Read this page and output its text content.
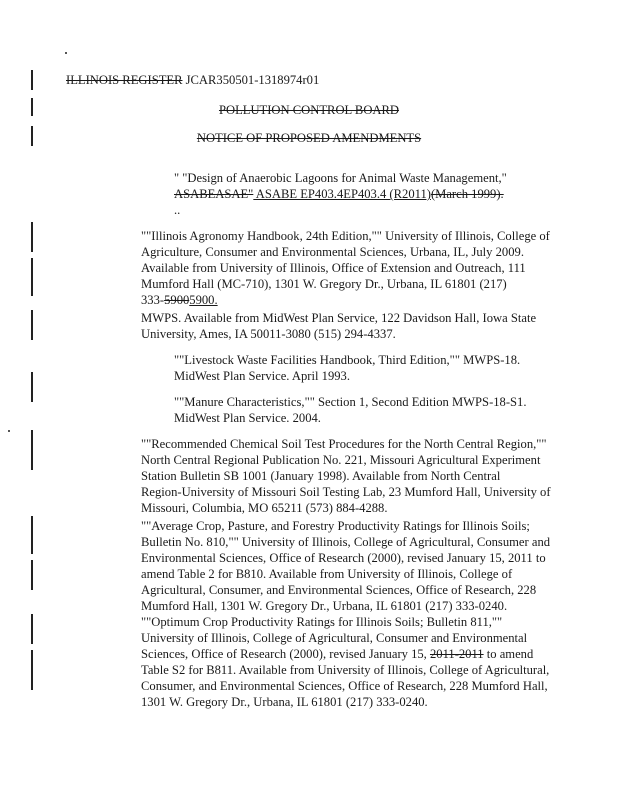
ILLINOIS REGISTER JCAR350501-1318974r01
POLLUTION CONTROL BOARD
NOTICE OF PROPOSED AMENDMENTS
" "Design of Anaerobic Lagoons for Animal Waste Management,"
ASABEASAE" ASABE EP403.4EP403.4 (R2011)(March 1999).
..
""Illinois Agronomy Handbook, 24th Edition,"" University of Illinois, College of
Agriculture, Consumer and Environmental Sciences, Urbana, IL, July 2009.
Available from University of Illinois, Office of Extension and Outreach, 111
Mumford Hall (MC-710), 1301 W. Gregory Dr., Urbana, IL 61801 (217)
333-59005900.
MWPS. Available from MidWest Plan Service, 122 Davidson Hall, Iowa State
University, Ames, IA 50011-3080 (515) 294-4337.
""Livestock Waste Facilities Handbook, Third Edition,"" MWPS-18.
MidWest Plan Service. April 1993.
""Manure Characteristics,"" Section 1, Second Edition MWPS-18-S1.
MidWest Plan Service. 2004.
""Recommended Chemical Soil Test Procedures for the North Central Region,""
North Central Regional Publication No. 221, Missouri Agricultural Experiment
Station Bulletin SB 1001 (January 1998). Available from North Central
Region-University of Missouri Soil Testing Lab, 23 Mumford Hall, University of
Missouri, Columbia, MO 65211 (573) 884-4288.
""Average Crop, Pasture, and Forestry Productivity Ratings for Illinois Soils;
Bulletin No. 810,"" University of Illinois, College of Agricultural, Consumer and
Environmental Sciences, Office of Research (2000), revised January 15, 2011 to
amend Table 2 for B810. Available from University of Illinois, College of
Agricultural, Consumer, and Environmental Sciences, Office of Research, 228
Mumford Hall, 1301 W. Gregory Dr., Urbana, IL 61801 (217) 333-0240.
""Optimum Crop Productivity Ratings for Illinois Soils; Bulletin 811,""
University of Illinois, College of Agricultural, Consumer and Environmental
Sciences, Office of Research (2000), revised January 15, 2011-2011 to amend
Table S2 for B811. Available from University of Illinois, College of Agricultural,
Consumer, and Environmental Sciences, Office of Research, 228 Mumford Hall,
1301 W. Gregory Dr., Urbana, IL 61801 (217) 333-0240.
